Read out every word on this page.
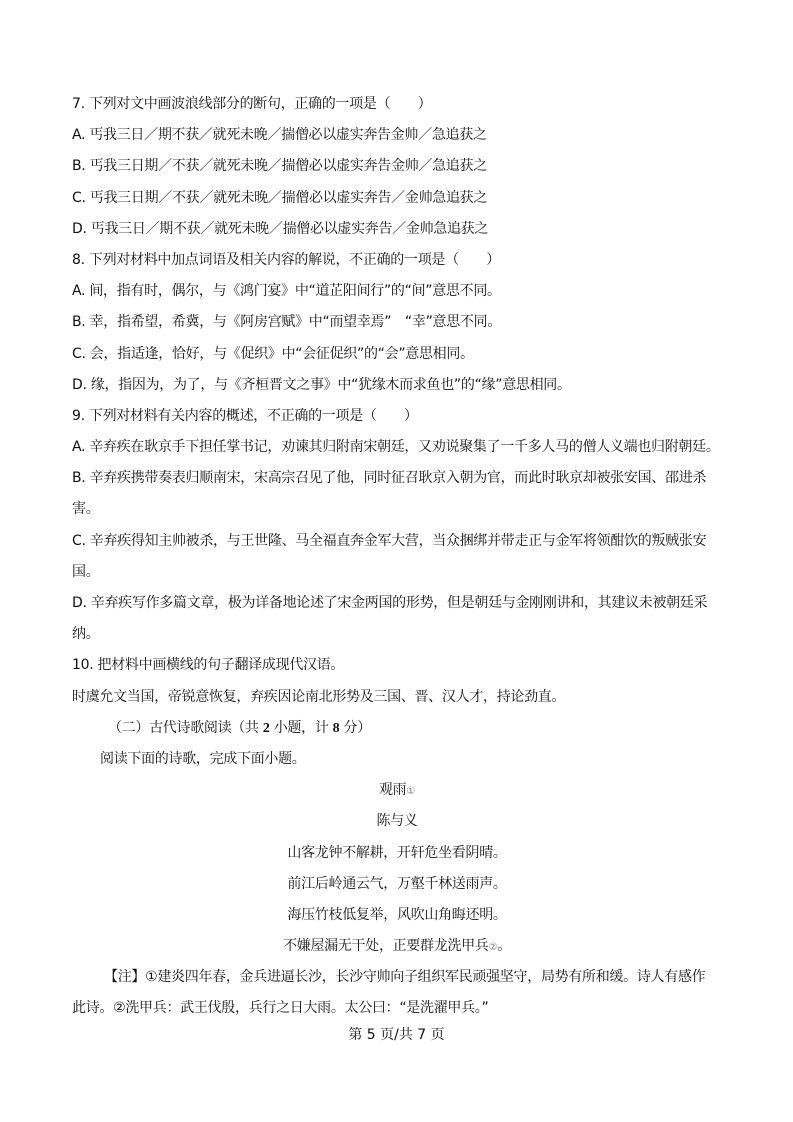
7. 下列对文中画波浪线部分的断句，正确的一项是（　　）
A. 丐我三日／期不获／就死未晚／揣僧必以虚实奔告金帅／急追获之
B. 丐我三日期／不获／就死未晚／揣僧必以虚实奔告金帅／急追获之
C. 丐我三日期／不获／就死未晚／揣僧必以虚实奔告／金帅急追获之
D. 丐我三日／期不获／就死未晚／揣僧必以虚实奔告／金帅急追获之
8. 下列对材料中加点词语及相关内容的解说，不正确的一项是（　　）
A. 间，指有时，偶尔，与《鸿门宴》中“道芷阳间行”的“间”意思不同。
B. 幸，指希望，希冀，与《阿房宫赋》中“而望幸焉”　“幸”意思不同。
C. 会，指适逢，恰好，与《促织》中“会征促织”的“会”意思相同。
D. 缘，指因为，为了，与《齐桓晋文之事》中“犹缘木而求鱼也”的“缘”意思相同。
9. 下列对材料有关内容的概述，不正确的一项是（　　）
A. 辛弃疾在耿京手下担任掌书记，劝谏其归附南宋朝廷，又劝说聚集了一千多人马的僧人义端也归附朝廷。
B. 辛弃疾携带奏表归顺南宋，宋高宗召见了他，同时征召耿京入朝为官，而此时耿京却被张安国、邵进杀
害。
C. 辛弃疾得知主帅被杀，与王世隆、马全福直奔金军大营，当众捆绑并带走正与金军将领酣饮的叛贼张安
国。
D. 辛弃疾写作多篇文章，极为详备地论述了宋金两国的形势，但是朝廷与金刚刚讲和，其建议未被朝廷采
纳。
10. 把材料中画横线的句子翻译成现代汉语。
时虞允文当国，帝锐意恢复，弃疾因论南北形势及三国、晋、汉人才，持论劲直。
（二）古代诗歌阅读（共 2 小题，计 8 分）
阅读下面的诗歌，完成下面小题。
观雨①
陈与义
山客龙钟不解耕，开轩危坐看阴晴。
前江后岭通云气，万壑千林送雨声。
海压竹枝低复举，风吹山角晦还明。
不嫌屋漏无干处，正要群龙洗甲兵②。
【注】①建炎四年春，金兵进逼长沙，长沙守帅向子组织军民顽强坚守，局势有所和缓。诗人有感作
此诗。②洗甲兵：武王伐殷，兵行之日大雨。太公曰：“是洗濯甲兵。”
第 5 页/共 7 页
